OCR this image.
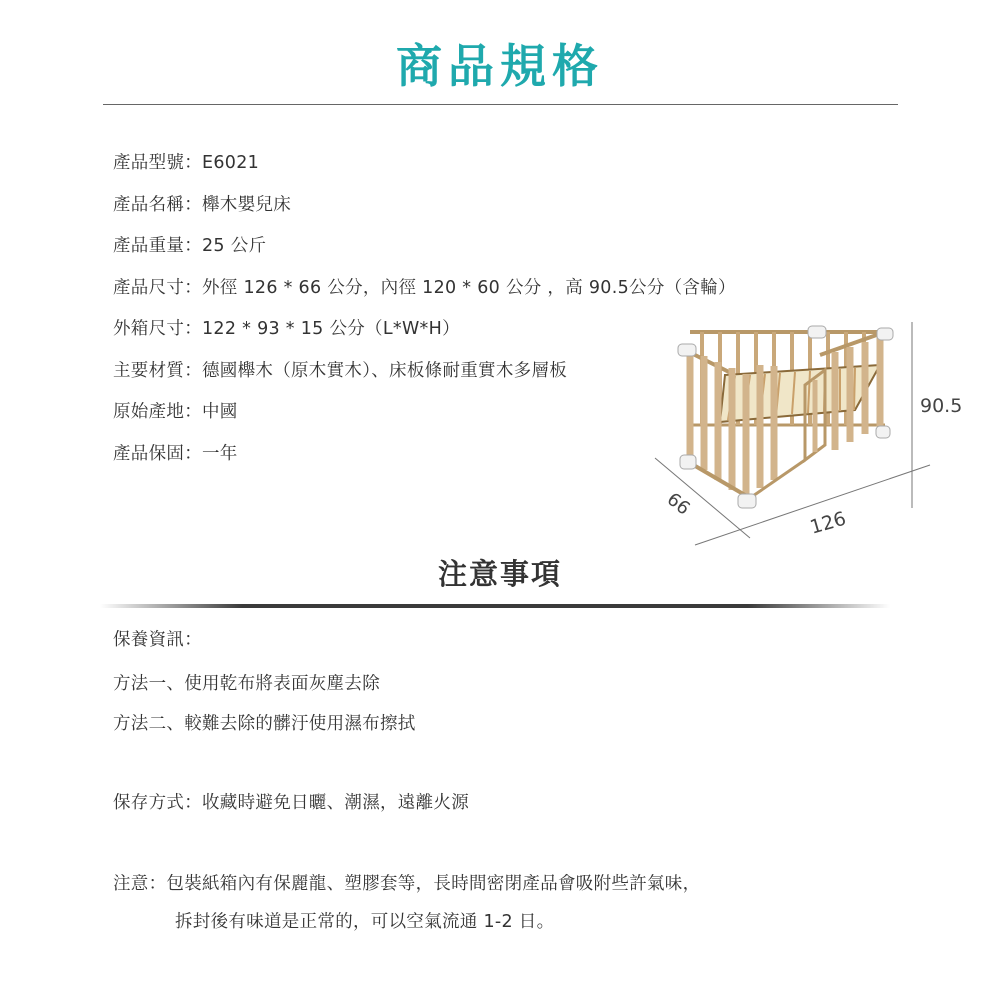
商品規格
產品型號：E6021
產品名稱：櫸木嬰兒床
產品重量：25 公斤
產品尺寸：外徑 126 * 66 公分，內徑 120 * 60 公分 ，高 90.5公分（含輪）
外箱尺寸：122 * 93 * 15 公分（L*W*H）
主要材質：德國櫸木（原木實木）、床板條耐重實木多層板
原始產地：中國
產品保固：一年
90.5
66
126
注意事項

保養資訊：

方法一、使用乾布將表面灰塵去除

方法二、較難去除的髒汙使用濕布擦拭

保存方式：收藏時避免日曬、潮濕，遠離火源

注意：包裝紙箱內有保麗龍、塑膠套等，長時間密閉產品會吸附些許氣味，

拆封後有味道是正常的，可以空氣流通 1-2 日。
